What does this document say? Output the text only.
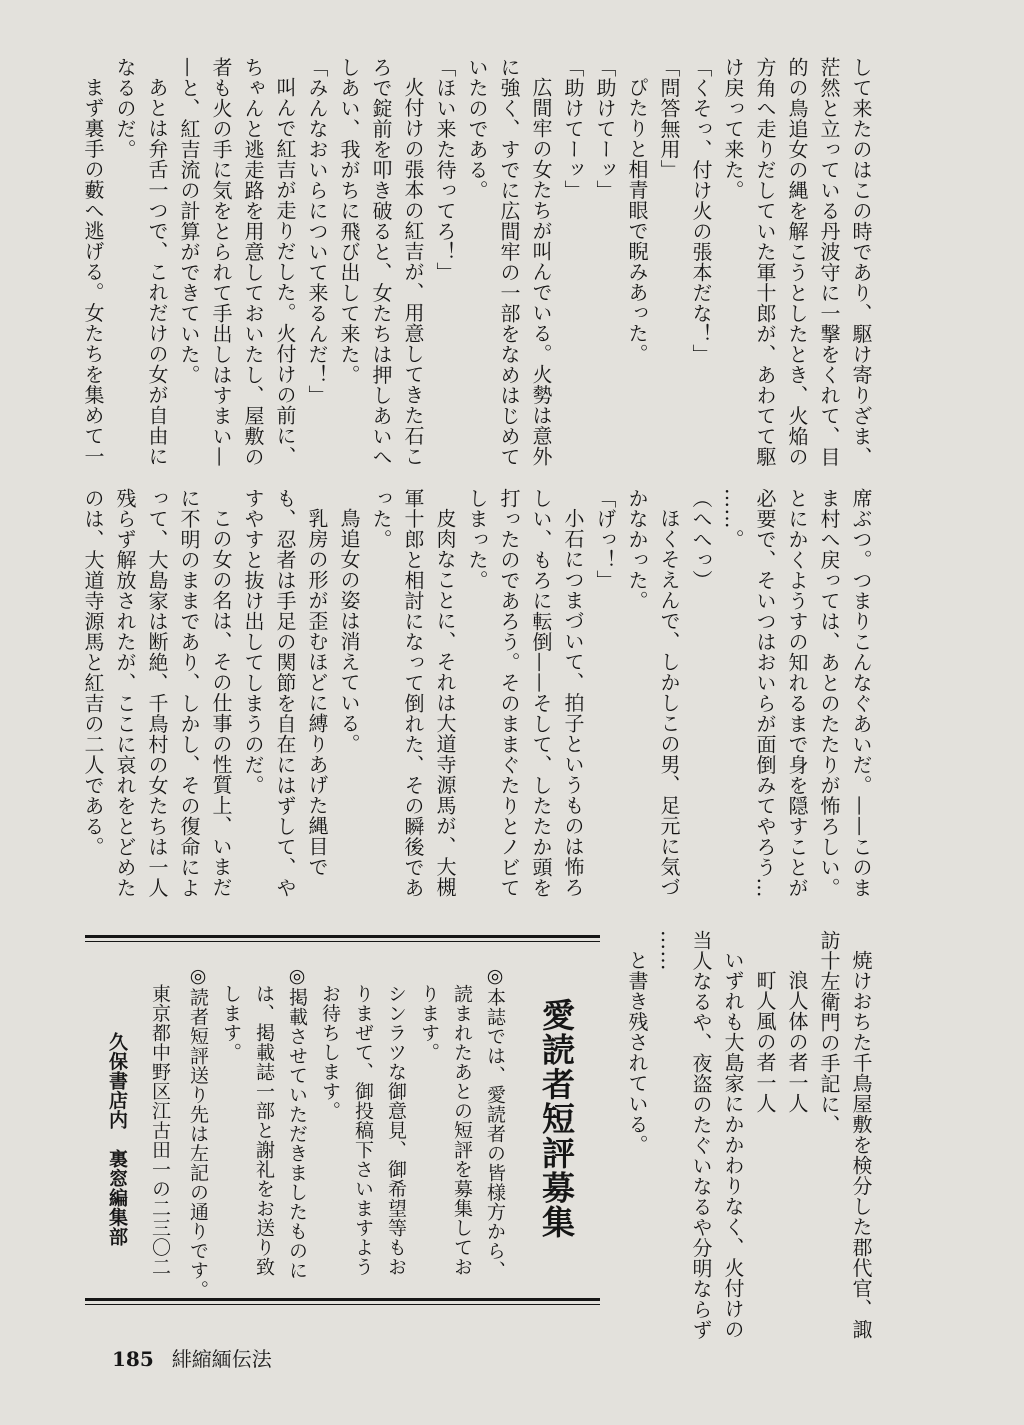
して来たのはこの時であり、駆け寄りざま、
茫然と立っている丹波守に一撃をくれて、目
的の鳥追女の縄を解こうとしたとき、火焔の
方角へ走りだしていた軍十郎が、あわてて駆
け戻って来た。
「くそっ、付け火の張本だな！」
「問答無用」
ぴたりと相青眼で睨みあった。
「助けてーッ」
「助けてーッ」
広間牢の女たちが叫んでいる。火勢は意外
に強く、すでに広間牢の一部をなめはじめて
いたのである。
「ほい来た待ってろ！」
火付けの張本の紅吉が、用意してきた石こ
ろで錠前を叩き破ると、女たちは押しあいへ
しあい、我がちに飛び出して来た。
「みんなおいらについて来るんだ！」
叫んで紅吉が走りだした。火付けの前に、
ちゃんと逃走路を用意しておいたし、屋敷の
者も火の手に気をとられて手出しはすまい—
—と、紅吉流の計算ができていた。
あとは弁舌一つで、これだけの女が自由に
なるのだ。
まず裏手の藪へ逃げる。女たちを集めて一
席ぶつ。つまりこんなぐあいだ。——このま
ま村へ戻っては、あとのたたりが怖ろしい。
とにかくようすの知れるまで身を隠すことが
必要で、そいつはおいらが面倒みてやろう…
……。
（へへっ）
ほくそえんで、しかしこの男、足元に気づ
かなかった。
「げっ！」
小石につまづいて、拍子というものは怖ろ
しい、もろに転倒——そして、したたか頭を
打ったのであろう。そのままぐたりとノビて
しまった。
皮肉なことに、それは大道寺源馬が、大槻
軍十郎と相討になって倒れた、その瞬後であ
った。
鳥追女の姿は消えている。
乳房の形が歪むほどに縛りあげた縄目で
も、忍者は手足の関節を自在にはずして、や
すやすと抜け出してしまうのだ。
この女の名は、その仕事の性質上、いまだ
に不明のままであり、しかし、その復命によ
って、大島家は断絶、千鳥村の女たちは一人
残らず解放されたが、ここに哀れをとどめた
のは、大道寺源馬と紅吉の二人である。
焼けおちた千鳥屋敷を検分した郡代官、諏
訪十左衛門の手記に、
浪人体の者一人
町人風の者一人
いずれも大島家にかかわりなく、火付けの
当人なるや、夜盗のたぐいなるや分明ならず
……
と書き残されている。
愛読者短評募集
◎本誌では、愛読者の皆様方から、
読まれたあとの短評を募集してお
ります。
シンラツな御意見、御希望等もお
りまぜて、御投稿下さいますよう
お待ちします。
◎掲載させていただきましたものに
は、掲載誌一部と謝礼をお送り致
します。
◎読者短評送り先は左記の通りです。
東京都中野区江古田一の二三〇二
久保書店内　裏窓編集部
185 緋縮緬伝法
